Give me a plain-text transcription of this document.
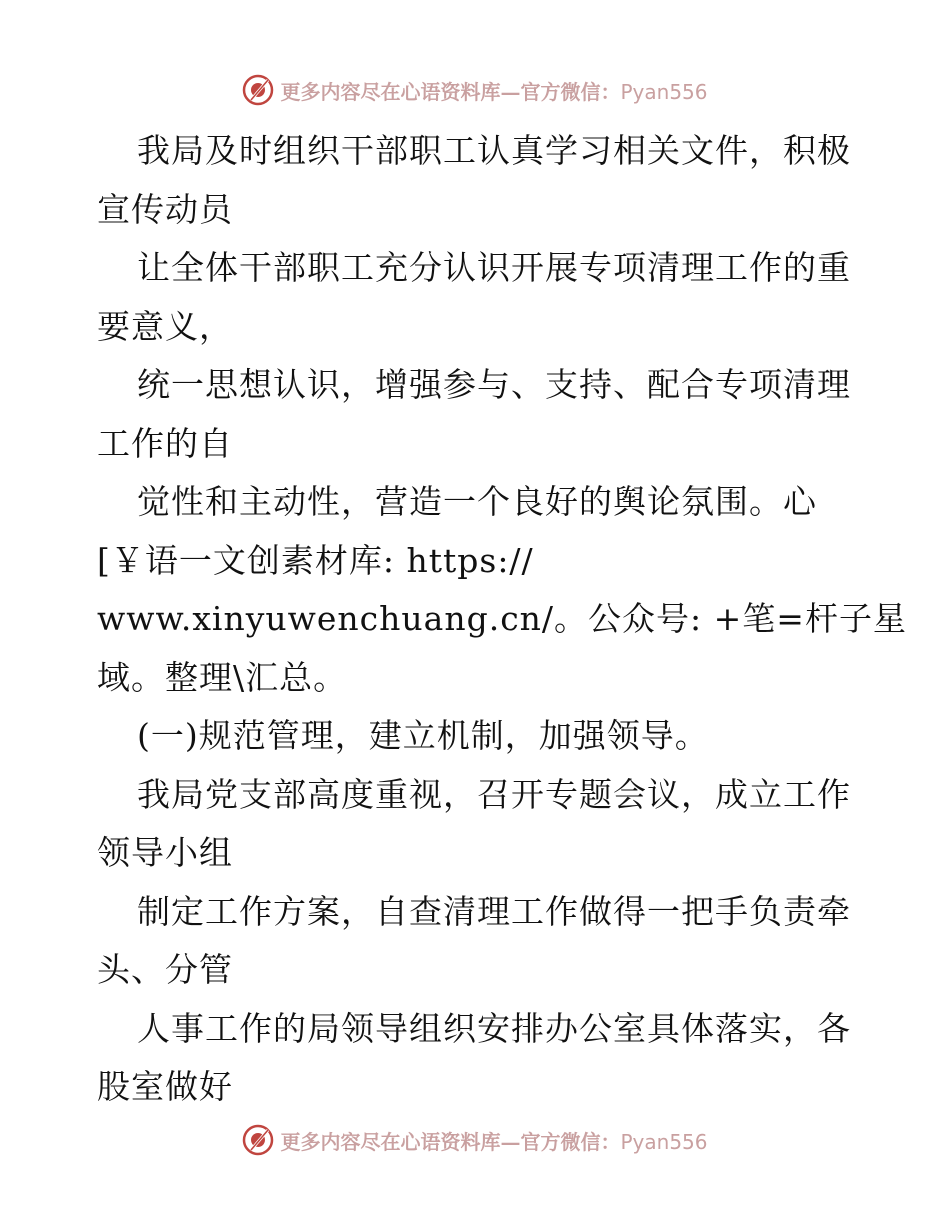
更多内容尽在心语资料库—官方微信：Pyan556
我局及时组织干部职工认真学习相关文件，积极
宣传动员
让全体干部职工充分认识开展专项清理工作的重
要意义，
统一思想认识，增强参与、支持、配合专项清理
工作的自
觉性和主动性，营造一个良好的舆论氛围。心
[￥语一文创素材库: https://
www.xinyuwenchuang.cn/。公众号: +笔=杆子星
域。整理\汇总。
(一)规范管理，建立机制，加强领导。
我局党支部高度重视，召开专题会议，成立工作
领导小组
制定工作方案，自查清理工作做得一把手负责牵
头、分管
人事工作的局领导组织安排办公室具体落实，各
股室做好
更多内容尽在心语资料库—官方微信：Pyan556
